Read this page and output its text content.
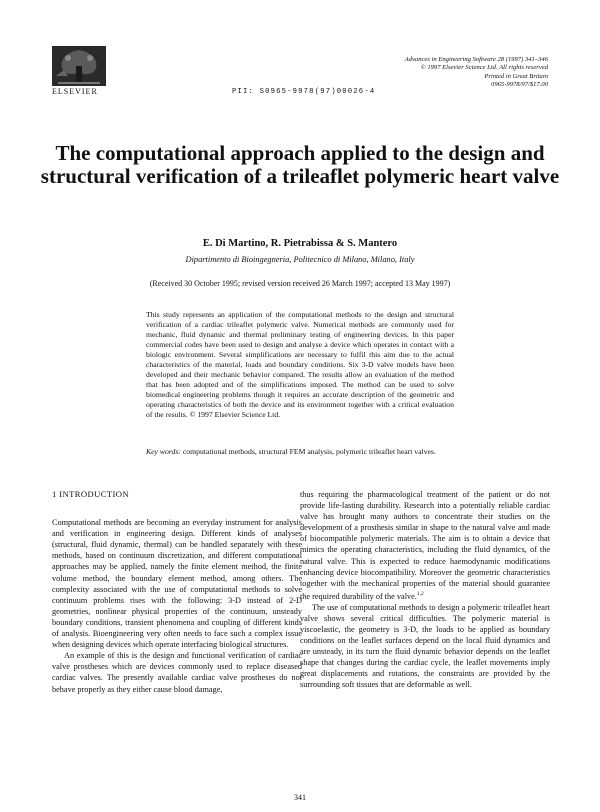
ELSEVIER	PII: S0965-9978(97)00026-4
Advances in Engineering Software 28 (1997) 341–346
© 1997 Elsevier Science Ltd. All rights reserved
Printed in Great Britain
0965-9978/97/$17.00
The computational approach applied to the design and structural verification of a trileaflet polymeric heart valve
E. Di Martino, R. Pietrabissa & S. Mantero
Dipartimento di Bioingegneria, Politecnico di Milano, Milano, Italy
(Received 30 October 1995; revised version received 26 March 1997; accepted 13 May 1997)
This study represents an application of the computational methods to the design and structural verification of a cardiac trileaflet polymeric valve. Numerical methods are commonly used for mechanic, fluid dynamic and thermal preliminary testing of engineering devices. In this paper commercial codes have been used to design and analyse a device which operates in contact with a biologic environment. Several simplifications are necessary to fulfil this aim due to the actual characteristics of the material, loads and boundary conditions. Six 3-D valve models have been developed and their mechanic behavior compared. The results allow an evaluation of the method that has been adopted and of the simplifications imposed. The method can be used to solve biomedical engineering problems though it requires an accurate description of the geometric and operating characteristics of both the device and its environment together with a critical evaluation of the results. © 1997 Elsevier Science Ltd.
Key words: computational methods, structural FEM analysis, polymeric trileaflet heart valves.

1 INTRODUCTION

Computational methods are becoming an everyday instrument for analysis and verification in engineering design. Different kinds of analyses (structural, fluid dynamic, thermal) can be handled separately with these methods, based on continuum discretization, and different computational approaches may be applied, namely the finite element method, the finite volume method, the boundary element method, among others. The complexity associated with the use of computational methods to solve continuum problems rises with the following: 3-D instead of 2-D geometries, nonlinear physical properties of the continuum, unsteady boundary conditions, transient phenomena and coupling of different kinds of analysis. Bioengineering very often needs to face such a complex issue when designing devices which operate interfacing biological structures.

An example of this is the design and functional verification of cardiac valve prostheses which are devices commonly used to replace diseased cardiac valves. The presently available cardiac valve prostheses do not behave properly as they either cause blood damage,

thus requiring the pharmacological treatment of the patient or do not provide life-lasting durability. Research into a potentially reliable cardiac valve has brought many authors to concentrate their studies on the development of a prosthesis similar in shape to the natural valve and made of biocompatible polymeric materials. The aim is to obtain a device that mimics the operating characteristics, including the fluid dynamics, of the natural valve. This is expected to reduce haemodynamic modifications enhancing device biocompatibility. Moreover the geometric characteristics together with the mechanical properties of the material should guarantee the required durability of the valve.$^{1,2}$

The use of computational methods to design a polymeric trileaflet heart valve shows several critical difficulties. The polymeric material is viscoelastic, the geometry is 3-D, the loads to be applied as boundary conditions on the leaflet surfaces depend on the local fluid dynamics and are unsteady, in its turn the fluid dynamic behavior depends on the leaflet shape that changes during the cardiac cycle, the leaflet movements imply great displacements and rotations, the constraints are provided by the surrounding soft tissues that are deformable as well.

341
